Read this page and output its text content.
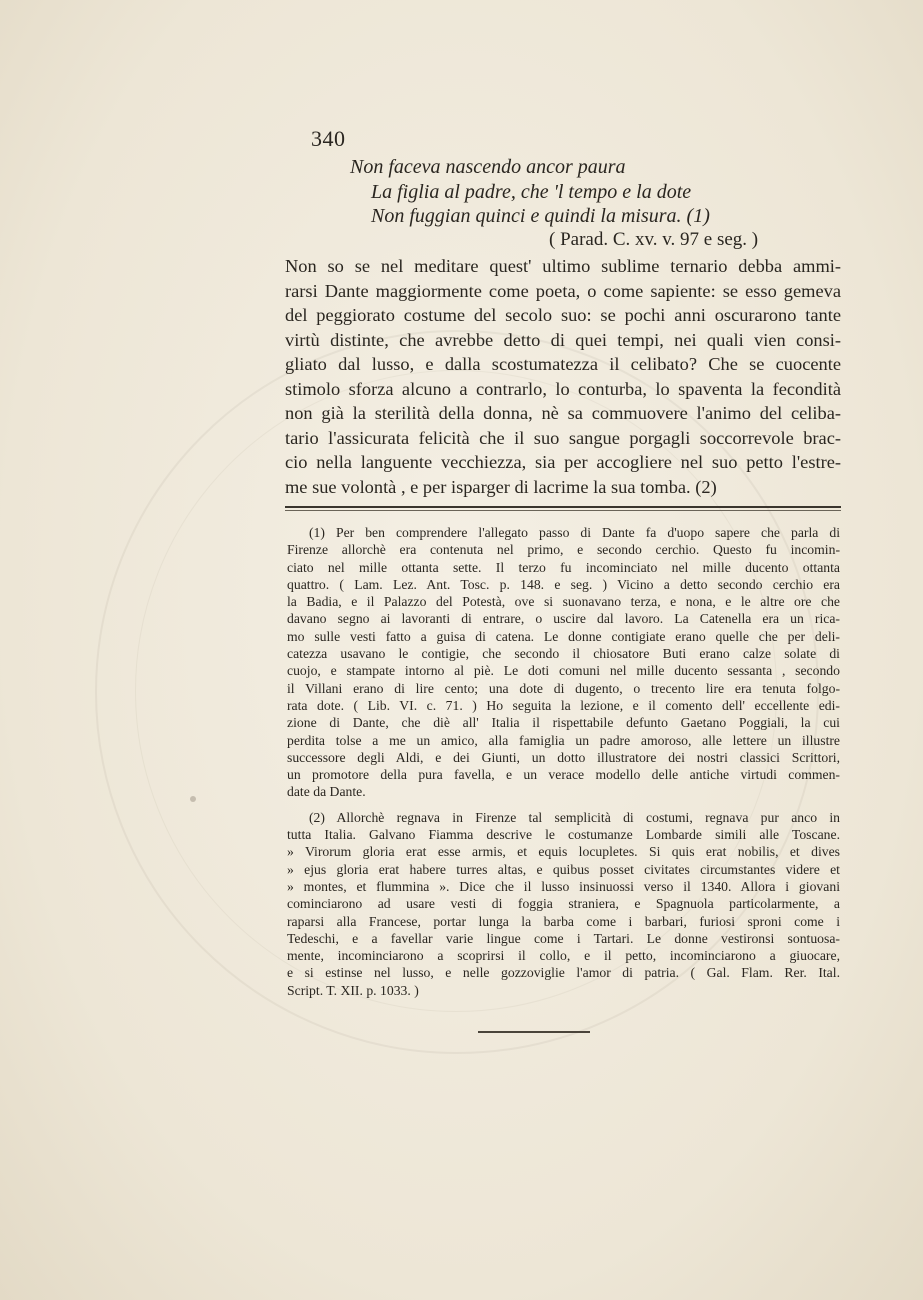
340
Non faceva nascendo ancor paura
La figlia al padre, che 'l tempo e la dote
Non fuggian quinci e quindi la misura. (1)
( Parad. C. xv. v. 97 e seg. )
Non so se nel meditare quest' ultimo sublime ternario debba ammi-
rarsi Dante maggiormente come poeta, o come sapiente: se esso gemeva
del peggiorato costume del secolo suo: se pochi anni oscurarono tante
virtù distinte, che avrebbe detto di quei tempi, nei quali vien consi-
gliato dal lusso, e dalla scostumatezza il celibato? Che se cuocente
stimolo sforza alcuno a contrarlo, lo conturba, lo spaventa la fecondità
non già la sterilità della donna, nè sa commuovere l'animo del celiba-
tario l'assicurata felicità che il suo sangue porgagli soccorrevole brac-
cio nella languente vecchiezza, sia per accogliere nel suo petto l'estre-
me sue volontà , e per isparger di lacrime la sua tomba. (2)
(1) Per ben comprendere l'allegato passo di Dante fa d'uopo sapere che parla di
Firenze allorchè era contenuta nel primo, e secondo cerchio. Questo fu incomin-
ciato nel mille ottanta sette. Il terzo fu incominciato nel mille ducento ottanta
quattro. ( Lam. Lez. Ant. Tosc. p. 148. e seg. ) Vicino a detto secondo cerchio era
la Badia, e il Palazzo del Potestà, ove si suonavano terza, e nona, e le altre ore che
davano segno ai lavoranti di entrare, o uscire dal lavoro. La Catenella era un rica-
mo sulle vesti fatto a guisa di catena. Le donne contigiate erano quelle che per deli-
catezza usavano le contigie, che secondo il chiosatore Buti erano calze solate di
cuojo, e stampate intorno al piè. Le doti comuni nel mille ducento sessanta , secondo
il Villani erano di lire cento; una dote di dugento, o trecento lire era tenuta folgo-
rata dote. ( Lib. VI. c. 71. ) Ho seguita la lezione, e il comento dell' eccellente edi-
zione di Dante, che diè all' Italia il rispettabile defunto Gaetano Poggiali, la cui
perdita tolse a me un amico, alla famiglia un padre amoroso, alle lettere un illustre
successore degli Aldi, e dei Giunti, un dotto illustratore dei nostri classici Scrittori,
un promotore della pura favella, e un verace modello delle antiche virtudi commen-
date da Dante.
(2) Allorchè regnava in Firenze tal semplicità di costumi, regnava pur anco in
tutta Italia. Galvano Fiamma descrive le costumanze Lombarde simili alle Toscane.
» Virorum gloria erat esse armis, et equis locupletes. Si quis erat nobilis, et dives
» ejus gloria erat habere turres altas, e quibus posset civitates circumstantes videre et
» montes, et flummina ». Dice che il lusso insinuossi verso il 1340. Allora i giovani
cominciarono ad usare vesti di foggia straniera, e Spagnuola particolarmente, a
raparsi alla Francese, portar lunga la barba come i barbari, furiosi sproni come i
Tedeschi, e a favellar varie lingue come i Tartari. Le donne vestironsi sontuosa-
mente, incominciarono a scoprirsi il collo, e il petto, incominciarono a giuocare,
e si estinse nel lusso, e nelle gozzoviglie l'amor di patria. ( Gal. Flam. Rer. Ital.
Script. T. XII. p. 1033. )
